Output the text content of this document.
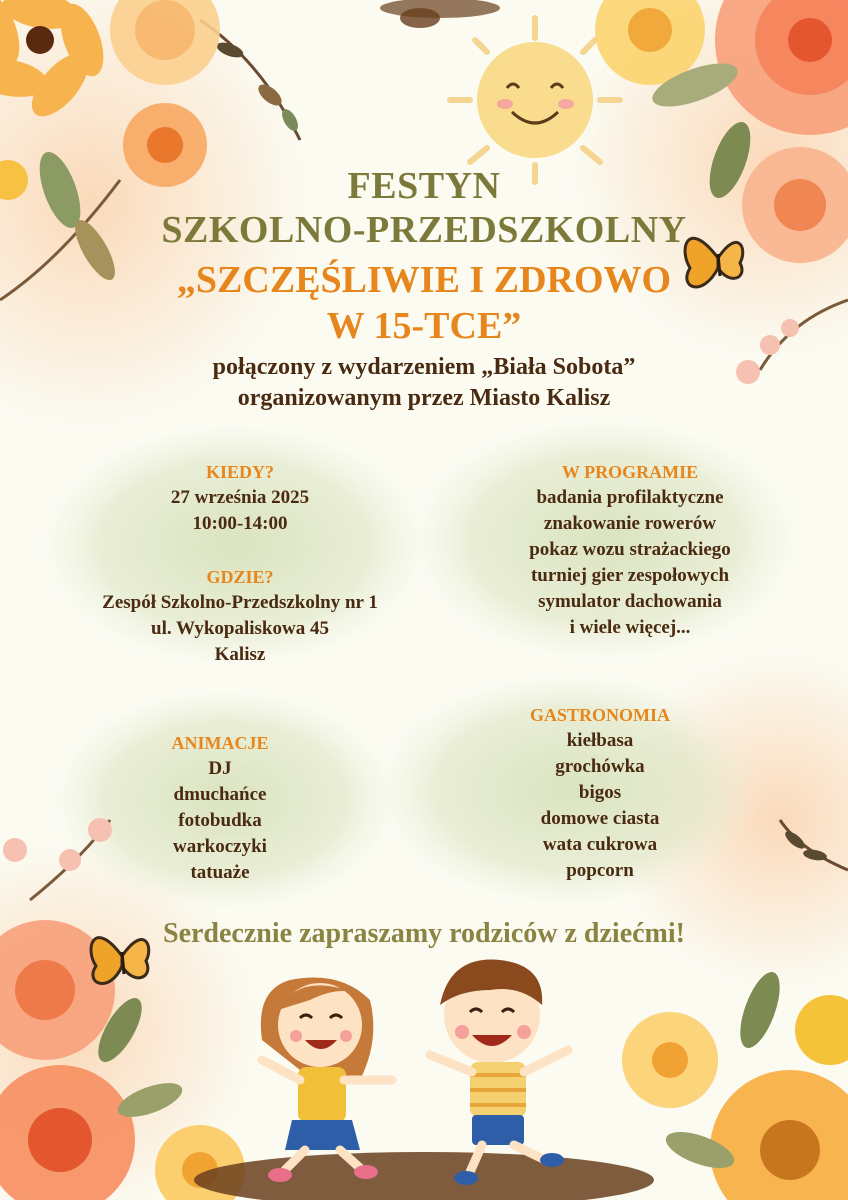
FESTYN
SZKOLNO-PRZEDSZKOLNY
„SZCZĘŚLIWIE I ZDROWO
W 15-TCE”
połączony z wydarzeniem „Biała Sobota”
organizowanym przez Miasto Kalisz
KIEDY?
27 września 2025
10:00-14:00
GDZIE?
Zespół Szkolno-Przedszkolny nr 1
ul. Wykopaliskowa 45
Kalisz
W PROGRAMIE
badania profilaktyczne
znakowanie rowerów
pokaz wozu strażackiego
turniej gier zespołowych
symulator dachowania
i wiele więcej...
ANIMACJE
DJ
dmuchańce
fotobudka
warkoczyki
tatuaże
GASTRONOMIA
kiełbasa
grochówka
bigos
domowe ciasta
wata cukrowa
popcorn
Serdecznie zapraszamy rodziców z dziećmi!
